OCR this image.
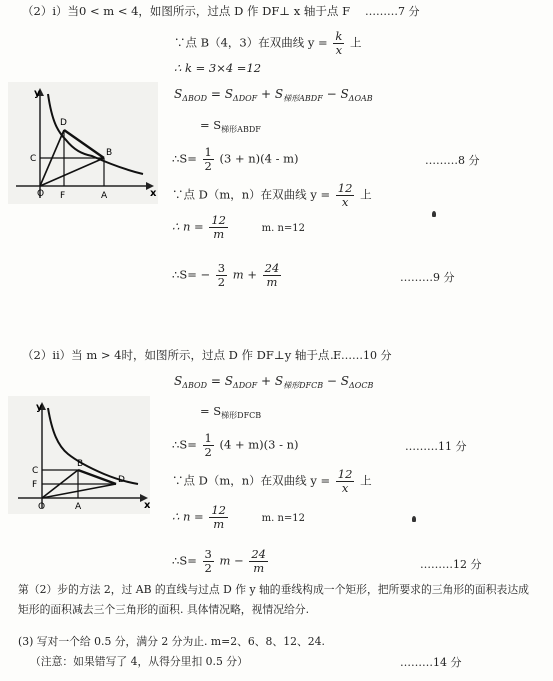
（2）ⅰ）当0 < m < 4，如图所示，过点 D 作 DF⊥ x 轴于点 F ………7 分
∵点 B（4，3）在双曲线 $y = \frac{k}{x}$ 上
∴ k = 3×4 =12
$S_{\Delta BOD} = S_{\Delta DOF} + S_{梯形ABDF} - S_{\Delta OAB}$
= $S_{梯形ABDF}$
∴S= $\frac{1}{2} (3 + n)(4 - m)$	………8 分
∵点 D（m，n）在双曲线 $y = \frac{12}{x}$ 上
∴ $n = \frac{12}{m}$	m. n=12
∴S= − $\frac{3}{2}$ $m + \frac{24}{m}$	………9 分
y
x
D
C
B
O F	A
（2）ⅱ）当 m > 4时，如图所示，过点 D 作 DF⊥y 轴于点 F
………10 分
$S_{\Delta BOD} = S_{\Delta DOF} + S_{梯形DFCB} - S_{\Delta OCB}$
= $S_{梯形DFCB}$
∴S= $\frac{1}{2} (4 + m)(3 - n)$	………11 分
∵点 D（m，n）在双曲线 $y = \frac{12}{x}$ 上
∴ $n = \frac{12}{m}$	m. n=12
∴S= $\frac{3}{2}$ $m - \frac{24}{m}$	………12 分
y
x
C
B
F	D
O	A
第（2）步的方法 2，过 AB 的直线与过点 D 作 y 轴的垂线构成一个矩形，把所要求的三角形的面积表达成
矩形的面积减去三个三角形的面积. 具体情况略，视情况给分.
(3) 写对一个给 0.5 分，满分 2 分为止. m=2、6、8、12、24.
（注意：如果错写了 4，从得分里扣 0.5 分）	………14 分
